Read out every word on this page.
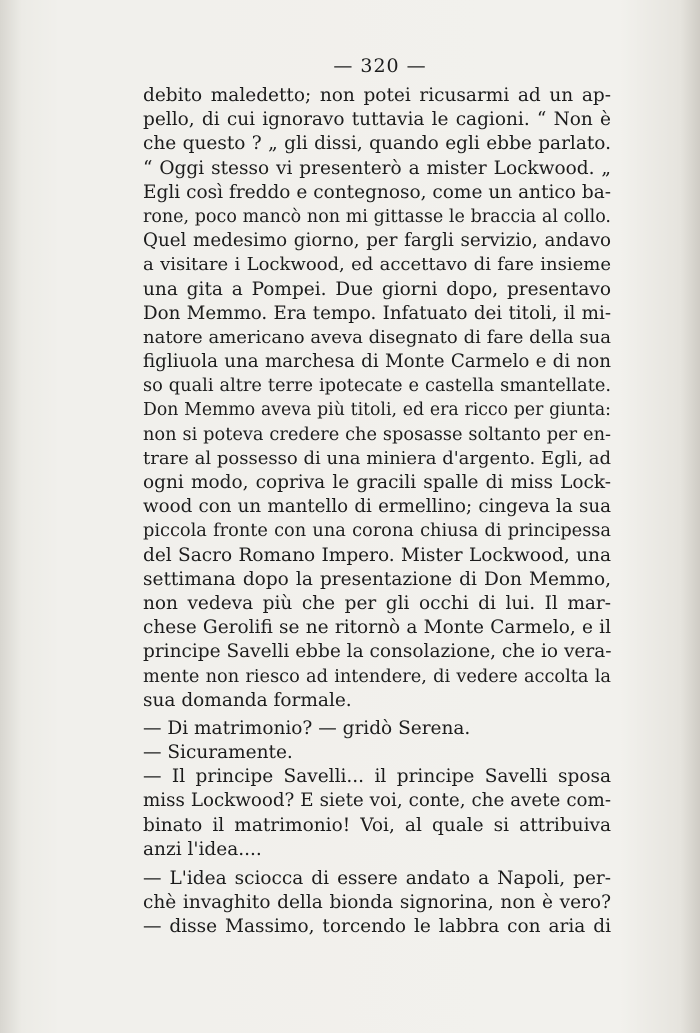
— 320 —
debito maledetto; non potei ricusarmi ad un ap-
pello, di cui ignoravo tuttavia le cagioni. “ Non è
che questo ? „ gli dissi, quando egli ebbe parlato.
“ Oggi stesso vi presenterò a mister Lockwood. „
Egli così freddo e contegnoso, come un antico ba-
rone, poco mancò non mi gittasse le braccia al collo.
Quel medesimo giorno, per fargli servizio, andavo
a visitare i Lockwood, ed accettavo di fare insieme
una gita a Pompei. Due giorni dopo, presentavo
Don Memmo. Era tempo. Infatuato dei titoli, il mi-
natore americano aveva disegnato di fare della sua
figliuola una marchesa di Monte Carmelo e di non
so quali altre terre ipotecate e castella smantellate.
Don Memmo aveva più titoli, ed era ricco per giunta:
non si poteva credere che sposasse soltanto per en-
trare al possesso di una miniera d'argento. Egli, ad
ogni modo, copriva le gracili spalle di miss Lock-
wood con un mantello di ermellino; cingeva la sua
piccola fronte con una corona chiusa di principessa
del Sacro Romano Impero. Mister Lockwood, una
settimana dopo la presentazione di Don Memmo,
non vedeva più che per gli occhi di lui. Il mar-
chese Gerolifi se ne ritornò a Monte Carmelo, e il
principe Savelli ebbe la consolazione, che io vera-
mente non riesco ad intendere, di vedere accolta la
sua domanda formale.
— Di matrimonio? — gridò Serena.
— Sicuramente.
— Il principe Savelli... il principe Savelli sposa
miss Lockwood? E siete voi, conte, che avete com-
binato il matrimonio! Voi, al quale si attribuiva
anzi l'idea....
— L'idea sciocca di essere andato a Napoli, per-
chè invaghito della bionda signorina, non è vero?
— disse Massimo, torcendo le labbra con aria di
